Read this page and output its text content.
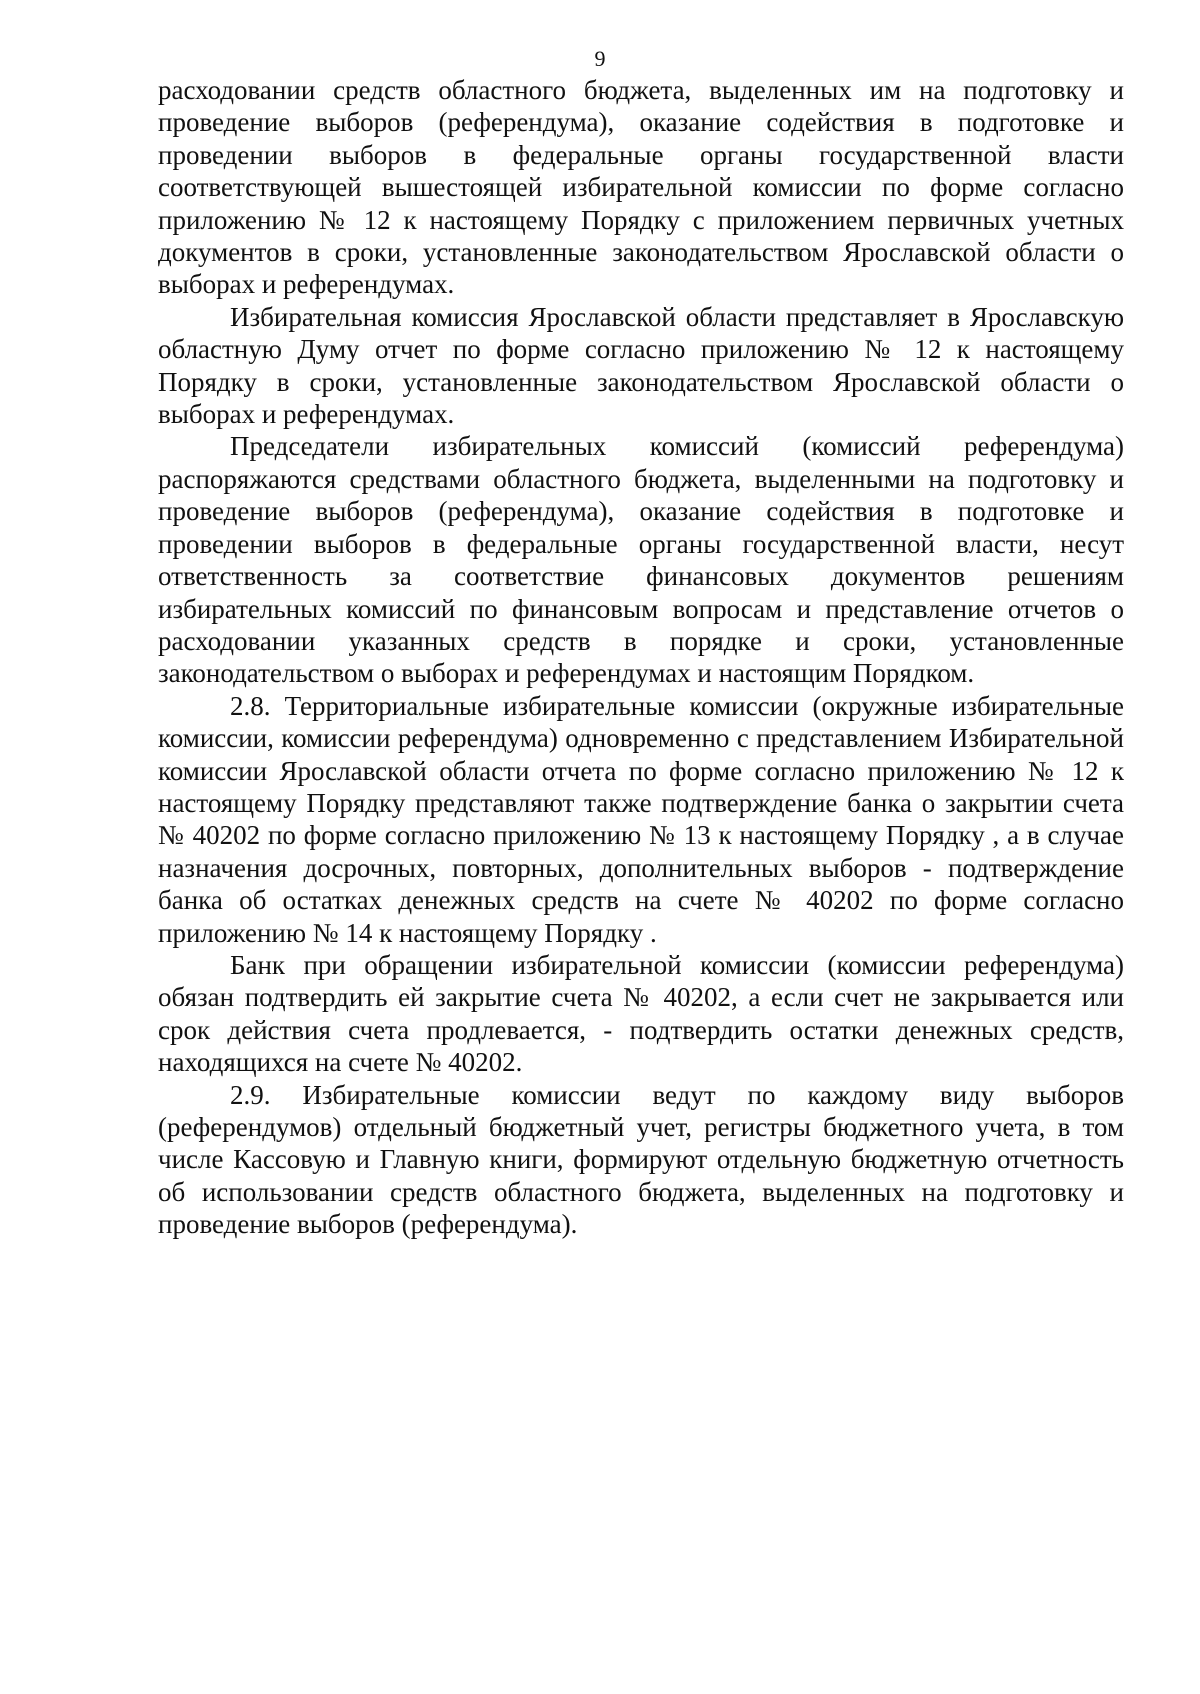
9

расходовании средств областного бюджета, выделенных им на подготовку и проведение выборов (референдума), оказание содействия в подготовке и проведении выборов в федеральные органы государственной власти соответствующей вышестоящей избирательной комиссии по форме согласно приложению № 12 к настоящему Порядку с приложением первичных учетных документов в сроки, установленные законодательством Ярославской области о выборах и референдумах.

Избирательная комиссия Ярославской области представляет в Ярославскую областную Думу отчет по форме согласно приложению № 12 к настоящему Порядку в сроки, установленные законодательством Ярославской области о выборах и референдумах.

Председатели избирательных комиссий (комиссий референдума) распоряжаются средствами областного бюджета, выделенными на подготовку и проведение выборов (референдума), оказание содействия в подготовке и проведении выборов в федеральные органы государственной власти, несут ответственность за соответствие финансовых документов решениям избирательных комиссий по финансовым вопросам и представление отчетов о расходовании указанных средств в порядке и сроки, установленные законодательством о выборах и референдумах и настоящим Порядком.

2.8. Территориальные избирательные комиссии (окружные избирательные комиссии, комиссии референдума) одновременно с представлением Избирательной комиссии Ярославской области отчета по форме согласно приложению № 12 к настоящему Порядку представляют также подтверждение банка о закрытии счета № 40202 по форме согласно приложению № 13 к настоящему Порядку , а в случае назначения досрочных, повторных, дополнительных выборов - подтверждение банка об остатках денежных средств на счете № 40202 по форме согласно приложению № 14 к настоящему Порядку .

Банк при обращении избирательной комиссии (комиссии референдума) обязан подтвердить ей закрытие счета № 40202, а если счет не закрывается или срок действия счета продлевается, - подтвердить остатки денежных средств, находящихся на счете № 40202.

2.9. Избирательные комиссии ведут по каждому виду выборов (референдумов) отдельный бюджетный учет, регистры бюджетного учета, в том числе Кассовую и Главную книги, формируют отдельную бюджетную отчетность об использовании средств областного бюджета, выделенных на подготовку и проведение выборов (референдума).
